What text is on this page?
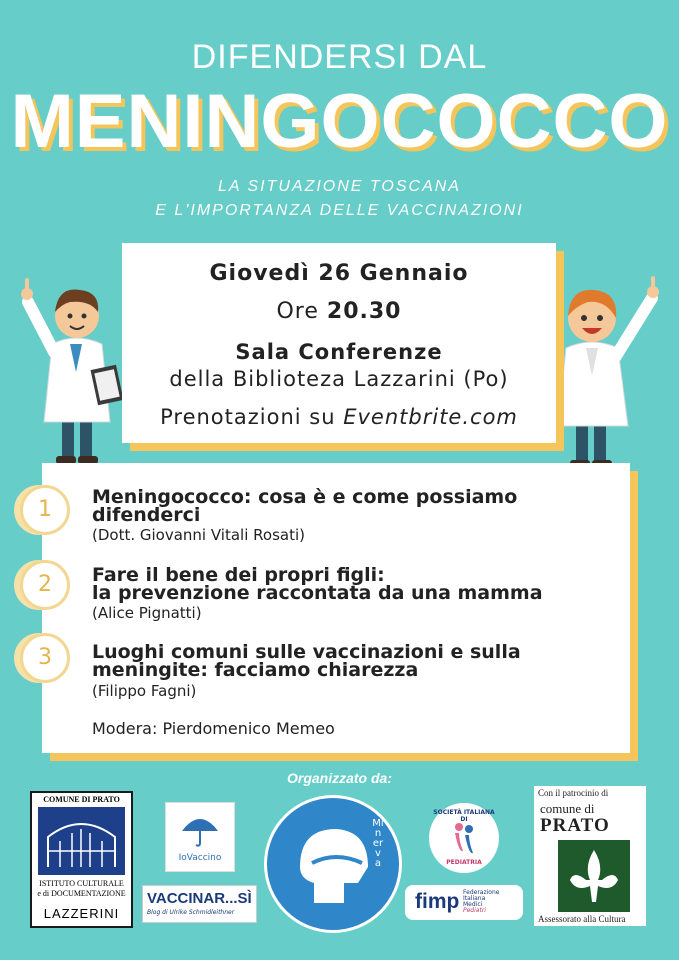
DIFENDERSI DAL
MENINGOCOCCO
LA SITUAZIONE TOSCANA
E L'IMPORTANZA DELLE VACCINAZIONI
Giovedì 26 Gennaio
Ore 20.30
Sala Conferenze
della Biblioteza Lazzarini (Po)
Prenotazioni su Eventbrite.com
1	Meningococco: cosa è e come possiamo
difenderci
(Dott. Giovanni Vitali Rosati)
2	Fare il bene dei propri figli:
la prevenzione raccontata da una mamma
(Alice Pignatti)
3	Luoghi comuni sulle vaccinazioni e sulla
meningite: facciamo chiarezza
(Filippo Fagni)
Modera: Pierdomenico Memeo
Organizzato da:
COMUNE DI PRATO
ISTITUTO CULTURALE
e di DOCUMENTAZIONE
LAZZERINI
IoVaccino
VACCINAR...SÌ
Blog di Ulrike Schmidleithner
Minerva
SOCIETÀ ITALIANA DI
PEDIATRIA
fimp Federazione
Italiana
Medici
Pediatri
Con il patrocinio di
comune di
PRATO
Assessorato alla Cultura
